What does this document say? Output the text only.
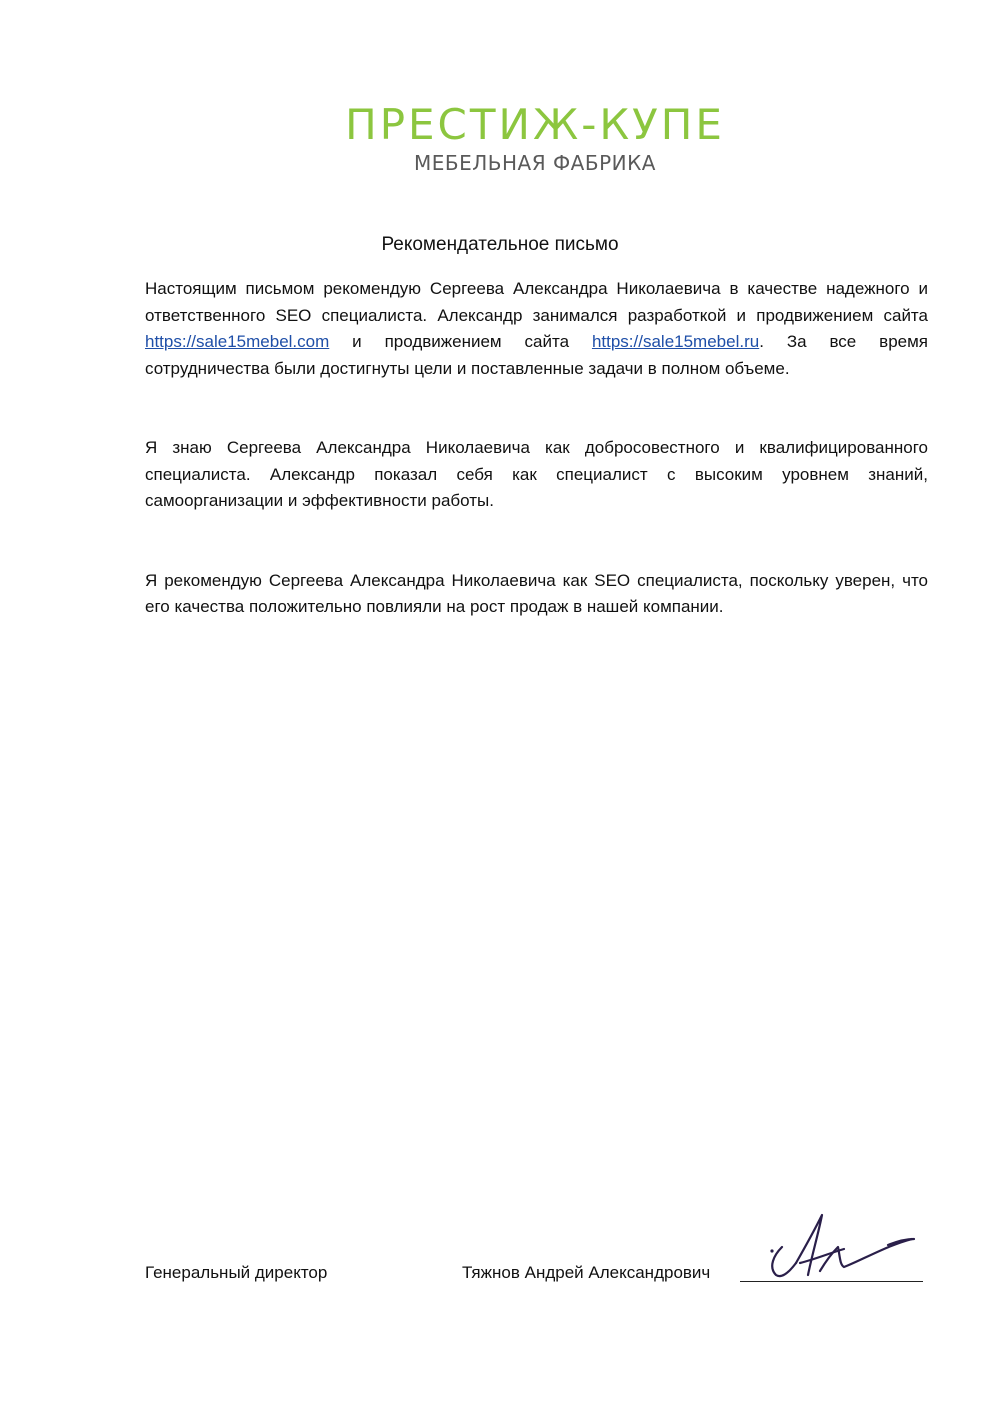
ПРЕСТИЖ-КУПЕ
МЕБЕЛЬНАЯ ФАБРИКА
Рекомендательное письмо

Настоящим письмом рекомендую Сергеева Александра Николаевича в качестве надежного и ответственного SEO специалиста. Александр занимался разработкой и продвижением сайта https://sale15mebel.com и продвижением сайта https://sale15mebel.ru. За все время сотрудничества были достигнуты цели и поставленные задачи в полном объеме.

Я знаю Сергеева Александра Николаевича как добросовестного и квалифицированного специалиста. Александр показал себя как специалист с высоким уровнем знаний, самоорганизации и эффективности работы.

Я рекомендую Сергеева Александра Николаевича как SEO специалиста, поскольку уверен, что его качества положительно повлияли на рост продаж в нашей компании.

Генеральный директор	Тяжнов Андрей Александрович
